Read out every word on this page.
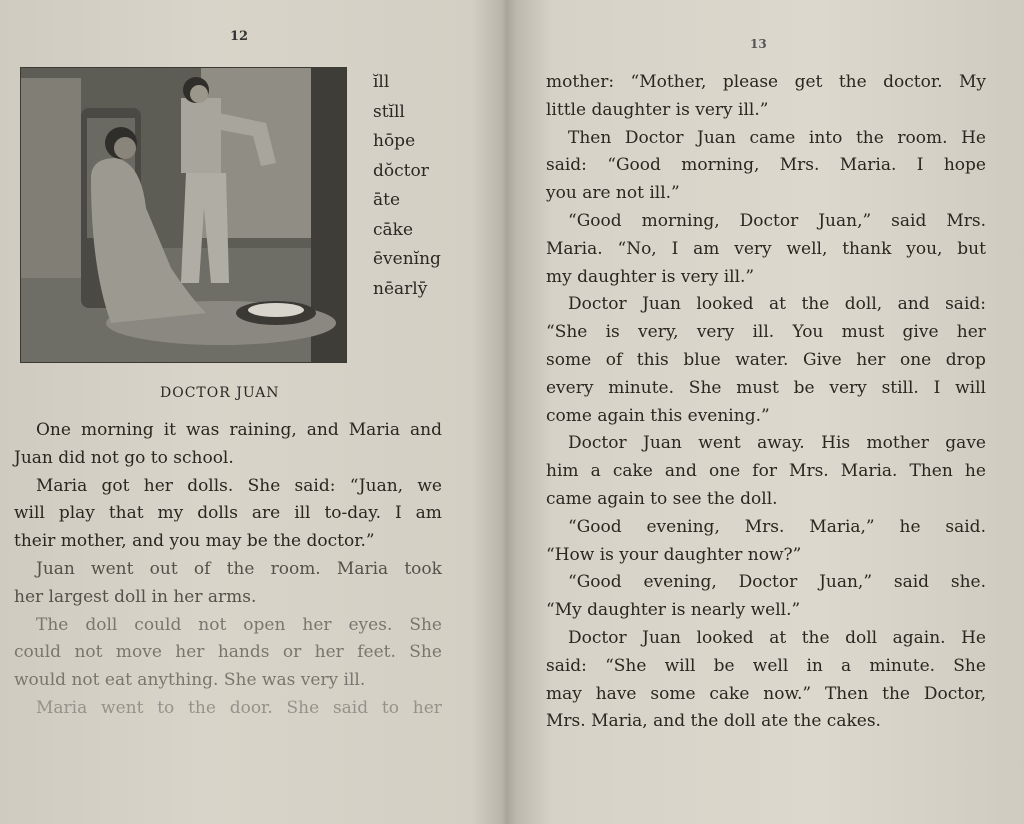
12
ĭll
stĭll
hōpe
dŏctor
āte
cāke
ēvenĭng
nēarlȳ
DOCTOR JUAN
One morning it was raining, and Maria and
Juan did not go to school.
Maria got her dolls. She said: “Juan, we
will play that my dolls are ill to-day. I am
their mother, and you may be the doctor.”
Juan went out of the room. Maria took
her largest doll in her arms.
The doll could not open her eyes. She
could not move her hands or her feet. She
would not eat anything. She was very ill.
Maria went to the door. She said to her
13
mother: “Mother, please get the doctor. My
little daughter is very ill.”
Then Doctor Juan came into the room. He
said: “Good morning, Mrs. Maria. I hope
you are not ill.”
“Good morning, Doctor Juan,” said Mrs.
Maria. “No, I am very well, thank you, but
my daughter is very ill.”
Doctor Juan looked at the doll, and said:
“She is very, very ill. You must give her
some of this blue water. Give her one drop
every minute. She must be very still. I will
come again this evening.”
Doctor Juan went away. His mother gave
him a cake and one for Mrs. Maria. Then he
came again to see the doll.
“Good evening, Mrs. Maria,” he said.
“How is your daughter now?”
“Good evening, Doctor Juan,” said she.
“My daughter is nearly well.”
Doctor Juan looked at the doll again. He
said: “She will be well in a minute. She
may have some cake now.” Then the Doctor,
Mrs. Maria, and the doll ate the cakes.
